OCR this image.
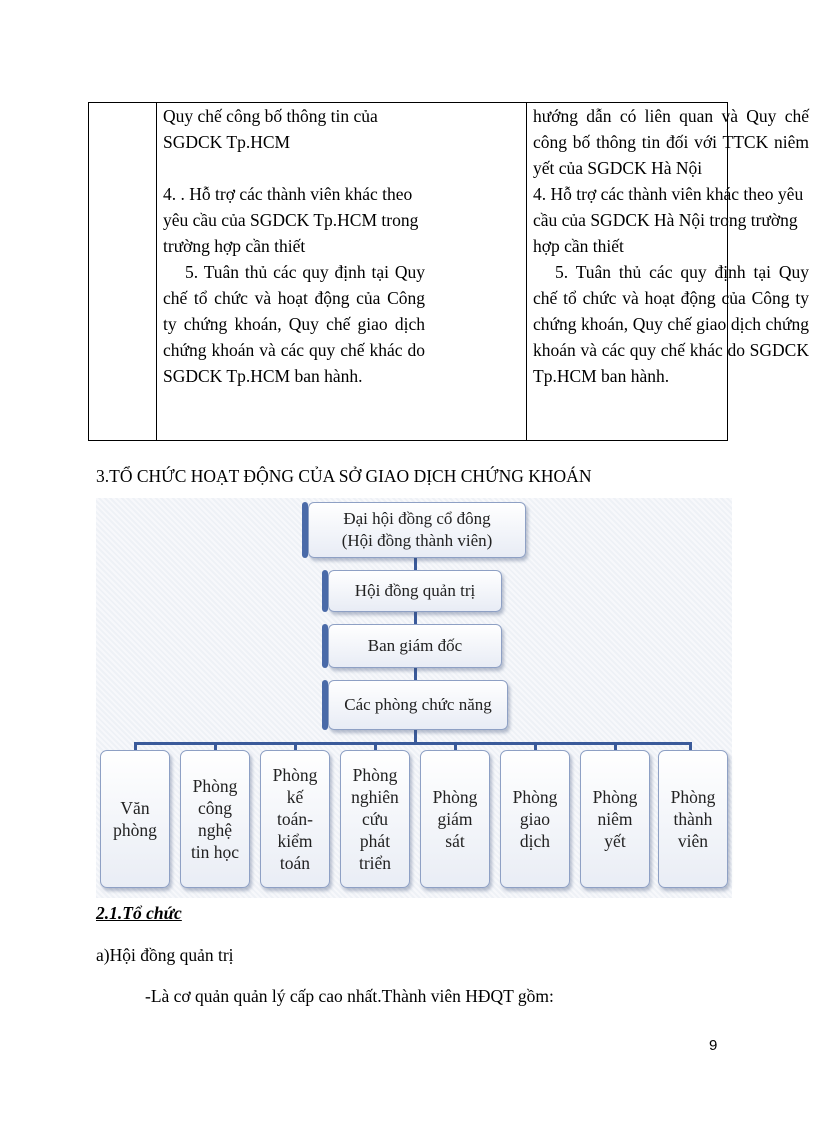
Quy chế công bố thông tin của SGDCK Tp.HCM

4. . Hỗ trợ các thành viên khác theo yêu cầu của SGDCK Tp.HCM trong trường hợp cần thiết

5. Tuân thủ các quy định tại Quy chế tổ chức và hoạt động của Công ty chứng khoán, Quy chế giao dịch chứng khoán và các quy chế khác do SGDCK Tp.HCM ban hành.

hướng dẫn có liên quan và Quy chế công bố thông tin đối với TTCK niêm yết của SGDCK Hà Nội

4. Hỗ trợ các thành viên khác theo yêu cầu của SGDCK Hà Nội trong trường hợp cần thiết

5. Tuân thủ các quy định tại Quy chế tổ chức và hoạt động của Công ty chứng khoán, Quy chế giao dịch chứng khoán và các quy chế khác do SGDCK Tp.HCM ban hành.

3.TỔ CHỨC HOẠT ĐỘNG CỦA SỞ GIAO DỊCH CHỨNG KHOÁN
Đại hội đồng cổ đông
(Hội đồng thành viên)
Hội đồng quản trị
Ban giám đốc
Các phòng chức năng
Văn phòng
Phòng công nghệ tin học
Phòng kế toán-kiểm toán
Phòng nghiên cứu phát triển
Phòng giám sát
Phòng giao dịch
Phòng niêm yết
Phòng thành viên
2.1.Tổ chức
a)Hội đồng quản trị
-Là cơ quản quản lý cấp cao nhất.Thành viên HĐQT gồm:
9
